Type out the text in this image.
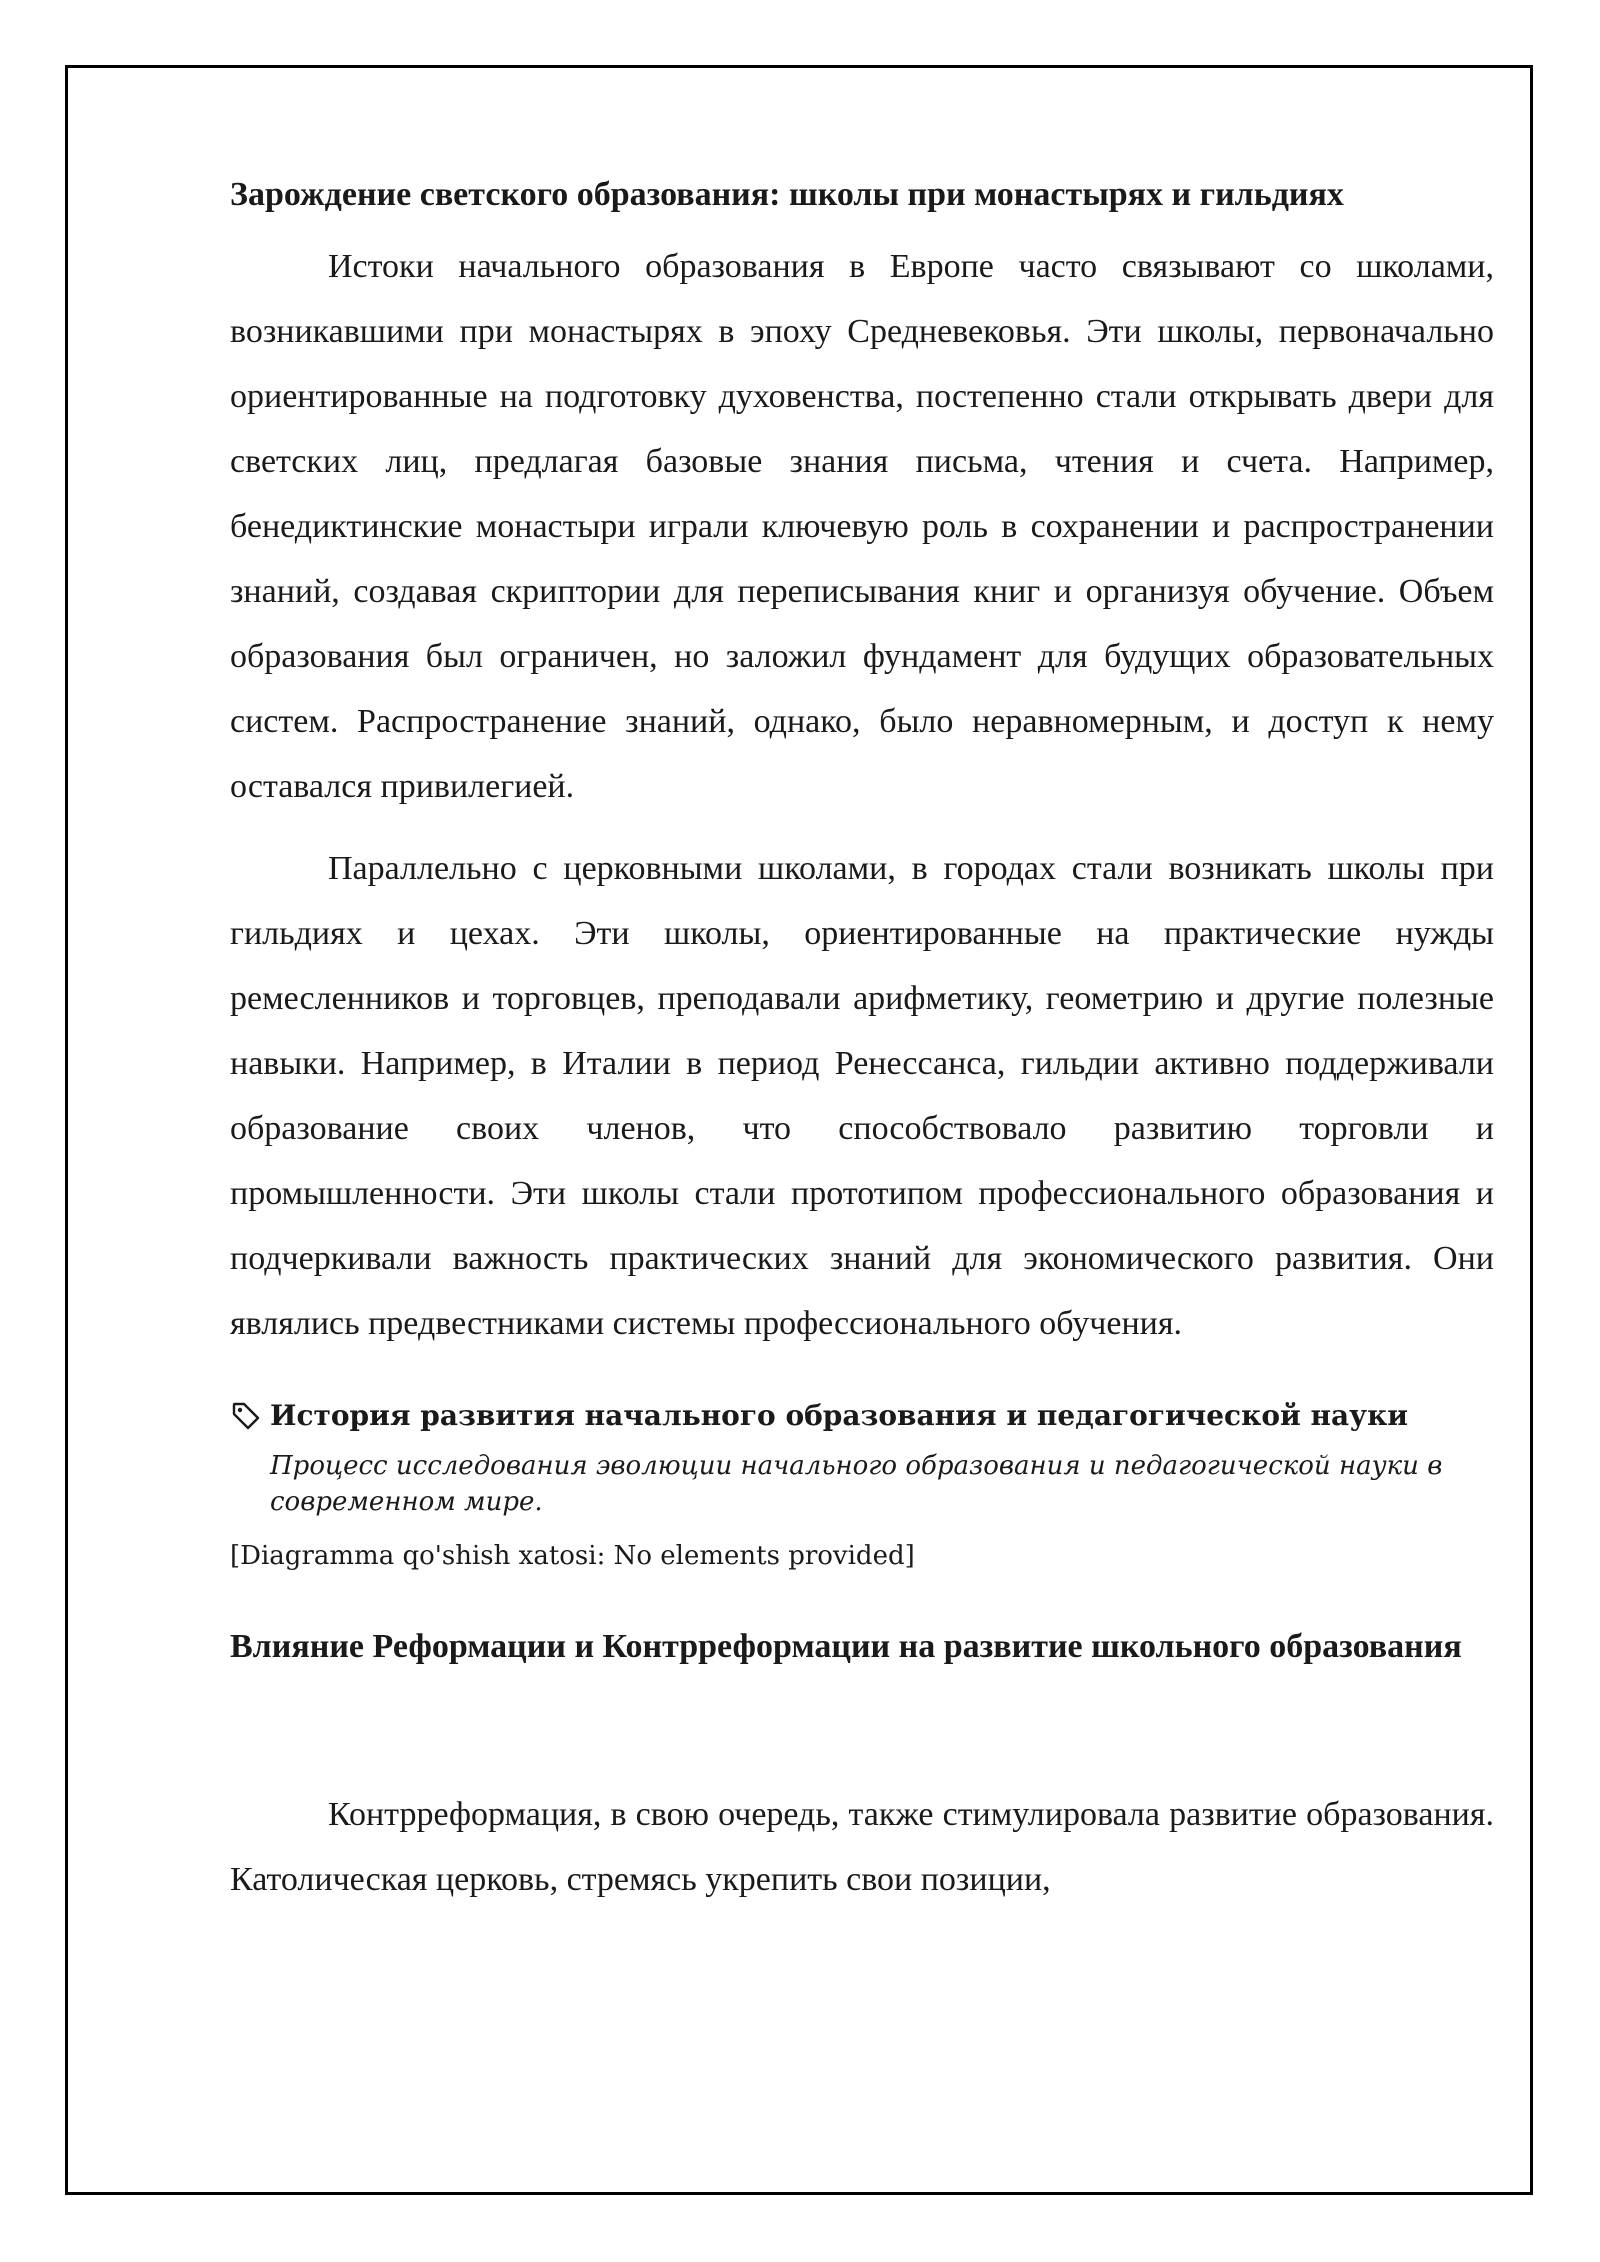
Зарождение светского образования: школы при монастырях и гильдиях

Истоки начального образования в Европе часто связывают со школами, возникавшими при монастырях в эпоху Средневековья. Эти школы, первоначально ориентированные на подготовку духовенства, постепенно стали открывать двери для светских лиц, предлагая базовые знания письма, чтения и счета. Например, бенедиктинские монастыри играли ключевую роль в сохранении и распространении знаний, создавая скриптории для переписывания книг и организуя обучение. Объем образования был ограничен, но заложил фундамент для будущих образовательных систем. Распространение знаний, однако, было неравномерным, и доступ к нему оставался привилегией.

Параллельно с церковными школами, в городах стали возникать школы при гильдиях и цехах. Эти школы, ориентированные на практические нужды ремесленников и торговцев, преподавали арифметику, геометрию и другие полезные навыки. Например, в Италии в период Ренессанса, гильдии активно поддерживали образование своих членов, что способствовало развитию торговли и промышленности. Эти школы стали прототипом профессионального образования и подчеркивали важность практических знаний для экономического развития. Они являлись предвестниками системы профессионального обучения.

История развития начального образования и педагогической науки

Процесс исследования эволюции начального образования и педагогической науки в современном мире.

[Diagramma qo'shish xatosi: No elements provided]

Влияние Реформации и Контрреформации на развитие школьного образования

Контрреформация, в свою очередь, также стимулировала развитие образования. Католическая церковь, стремясь укрепить свои позиции,
